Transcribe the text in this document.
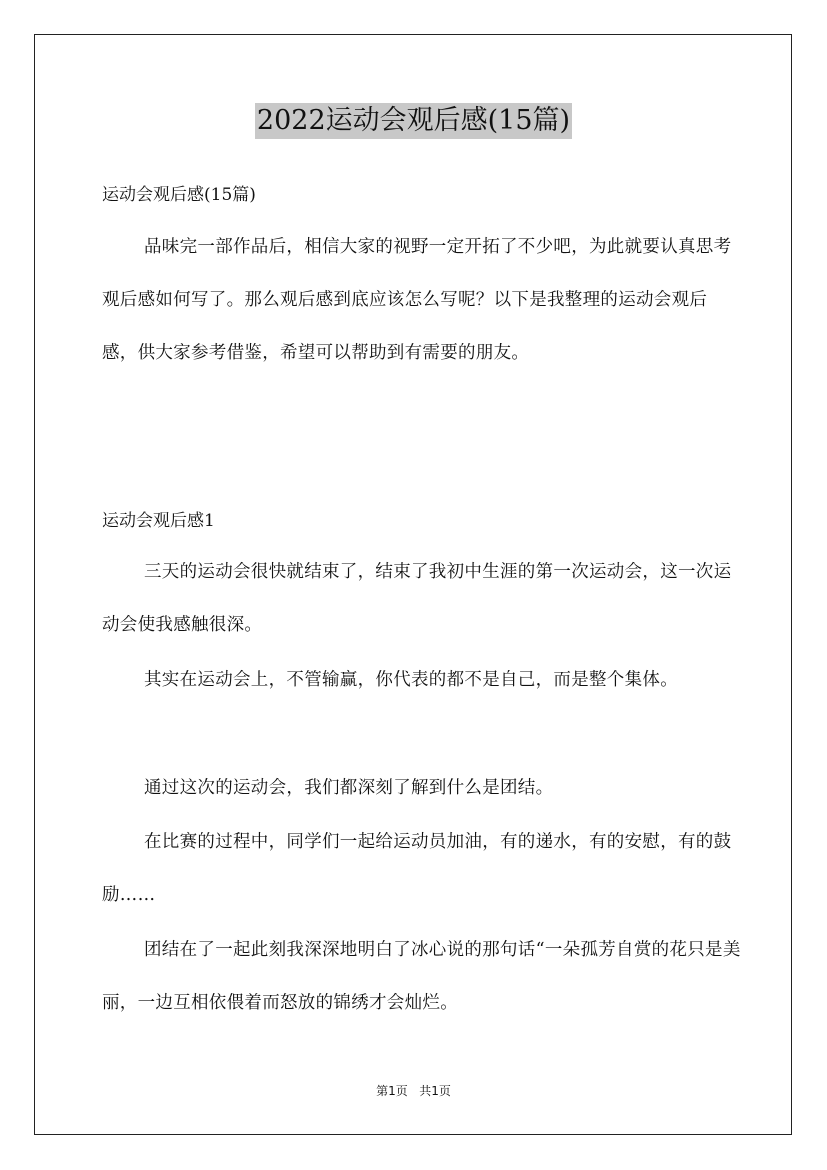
2022运动会观后感(15篇)
运动会观后感(15篇)

品味完一部作品后，相信大家的视野一定开拓了不少吧，为此就要认真思考观后感如何写了。那么观后感到底应该怎么写呢？以下是我整理的运动会观后感，供大家参考借鉴，希望可以帮助到有需要的朋友。

运动会观后感1

三天的运动会很快就结束了，结束了我初中生涯的第一次运动会，这一次运动会使我感触很深。

其实在运动会上，不管输赢，你代表的都不是自己，而是整个集体。

通过这次的运动会，我们都深刻了解到什么是团结。

在比赛的过程中，同学们一起给运动员加油，有的递水，有的安慰，有的鼓励……

团结在了一起此刻我深深地明白了冰心说的那句话“一朵孤芳自赏的花只是美丽，一边互相依偎着而怒放的锦绣才会灿烂。

第1页 共1页
